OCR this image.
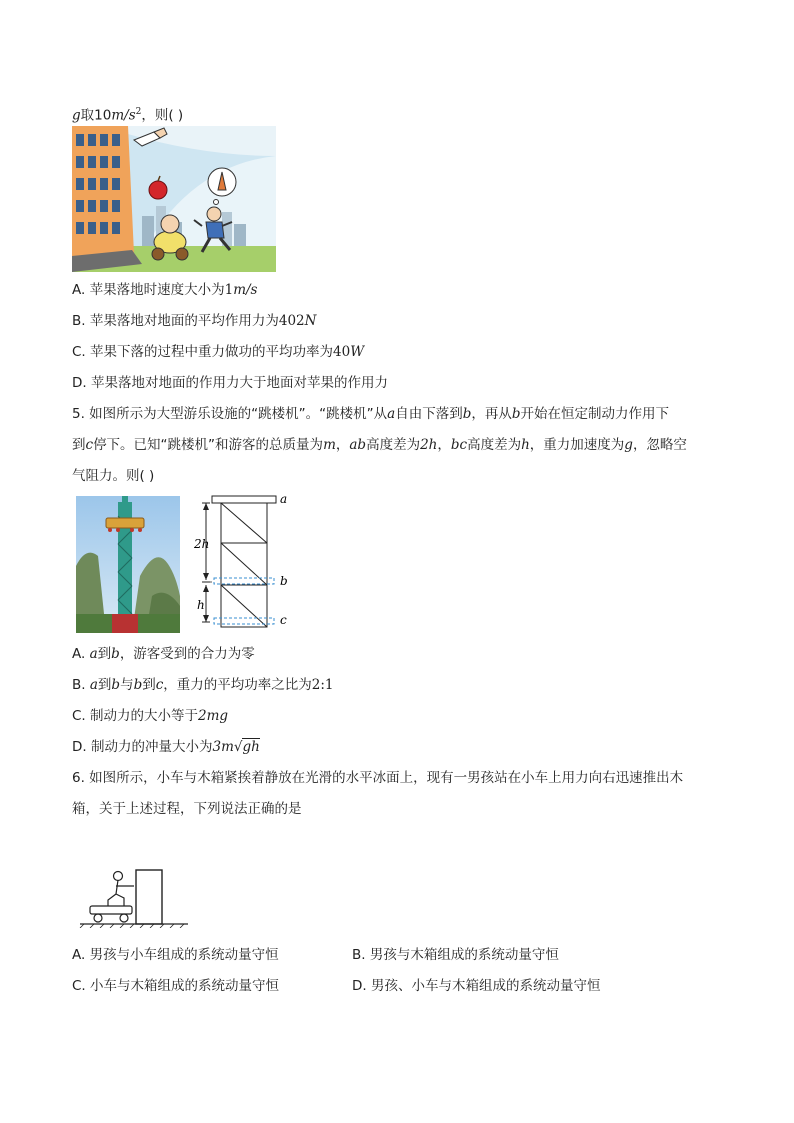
g取$10m/s^2$，则( )
A. 苹果落地时速度大小为1m/s
B. 苹果落地对地面的平均作用力为402N
C. 苹果下落的过程中重力做功的平均功率为40W
D. 苹果落地对地面的作用力大于地面对苹果的作用力
5. 如图所示为大型游乐设施的“跳楼机”。“跳楼机”从a自由下落到b，再从b开始在恒定制动力作用下
到c停下。已知“跳楼机”和游客的总质量为m，ab高度差为2h，bc高度差为h，重力加速度为g，忽略空
气阻力。则( )
a
b
c
2h
h
A. a到b，游客受到的合力为零
B. a到b与b到c，重力的平均功率之比为2:1
C. 制动力的大小等于2mg
D. 制动力的冲量大小为3m√gh
6. 如图所示，小车与木箱紧挨着静放在光滑的水平冰面上，现有一男孩站在小车上用力向右迅速推出木
箱，关于上述过程，下列说法正确的是
A. 男孩与小车组成的系统动量守恒	B. 男孩与木箱组成的系统动量守恒
C. 小车与木箱组成的系统动量守恒	D. 男孩、小车与木箱组成的系统动量守恒
